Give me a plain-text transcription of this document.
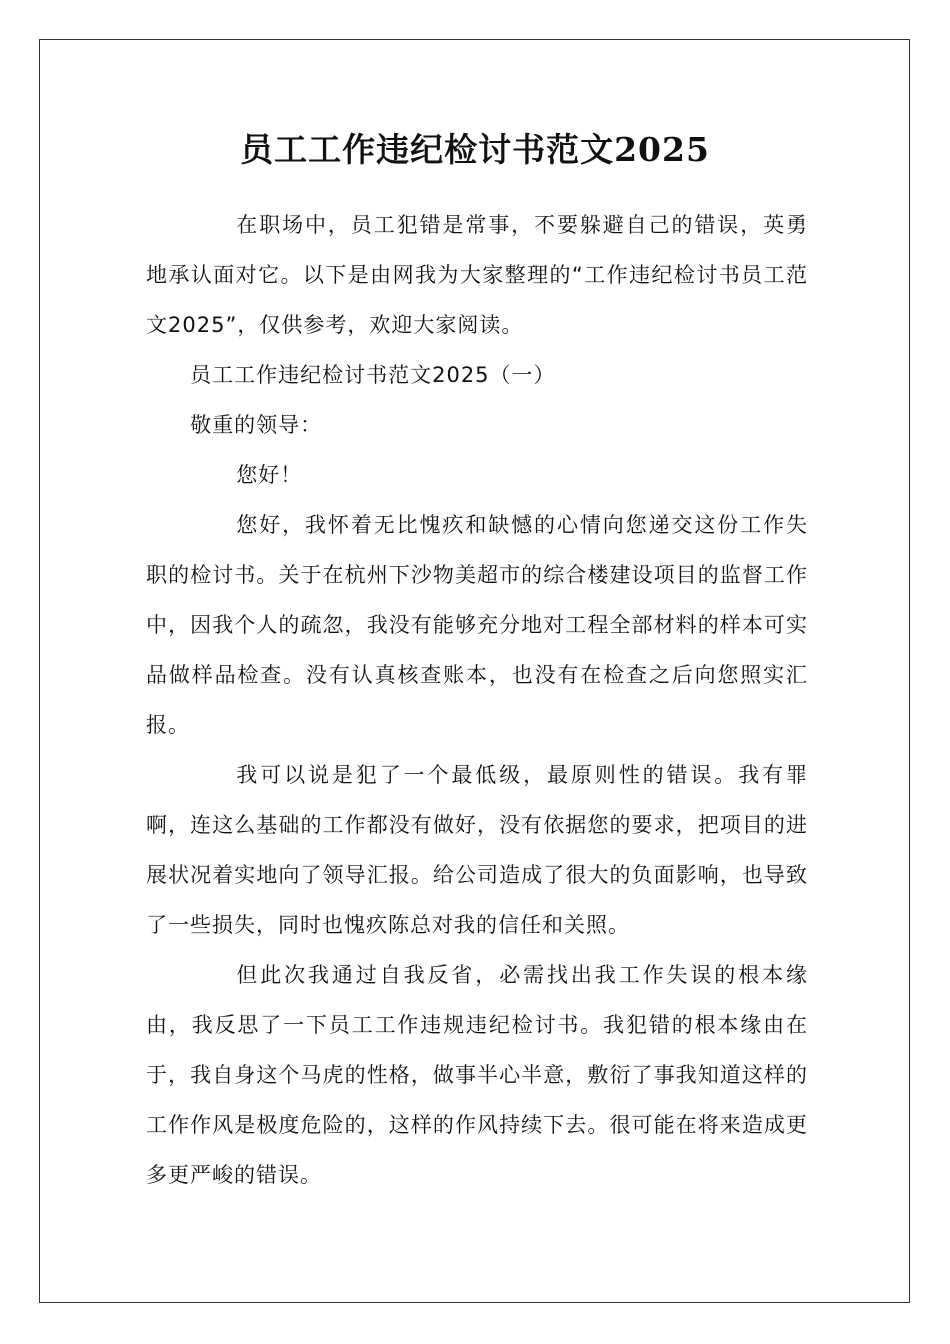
员工工作违纪检讨书范文2025

在职场中，员工犯错是常事，不要躲避自己的错误，英勇地承认面对它。以下是由网我为大家整理的“工作违纪检讨书员工范文2025”，仅供参考，欢迎大家阅读。

员工工作违纪检讨书范文2025（一）

敬重的领导：

您好！

您好，我怀着无比愧疚和缺憾的心情向您递交这份工作失职的检讨书。关于在杭州下沙物美超市的综合楼建设项目的监督工作中，因我个人的疏忽，我没有能够充分地对工程全部材料的样本可实品做样品检查。没有认真核查账本，也没有在检查之后向您照实汇报。

我可以说是犯了一个最低级，最原则性的错误。我有罪啊，连这么基础的工作都没有做好，没有依据您的要求，把项目的进展状况着实地向了领导汇报。给公司造成了很大的负面影响，也导致了一些损失，同时也愧疚陈总对我的信任和关照。

但此次我通过自我反省，必需找出我工作失误的根本缘由，我反思了一下员工工作违规违纪检讨书。我犯错的根本缘由在于，我自身这个马虎的性格，做事半心半意，敷衍了事我知道这样的工作作风是极度危险的，这样的作风持续下去。很可能在将来造成更多更严峻的错误。
